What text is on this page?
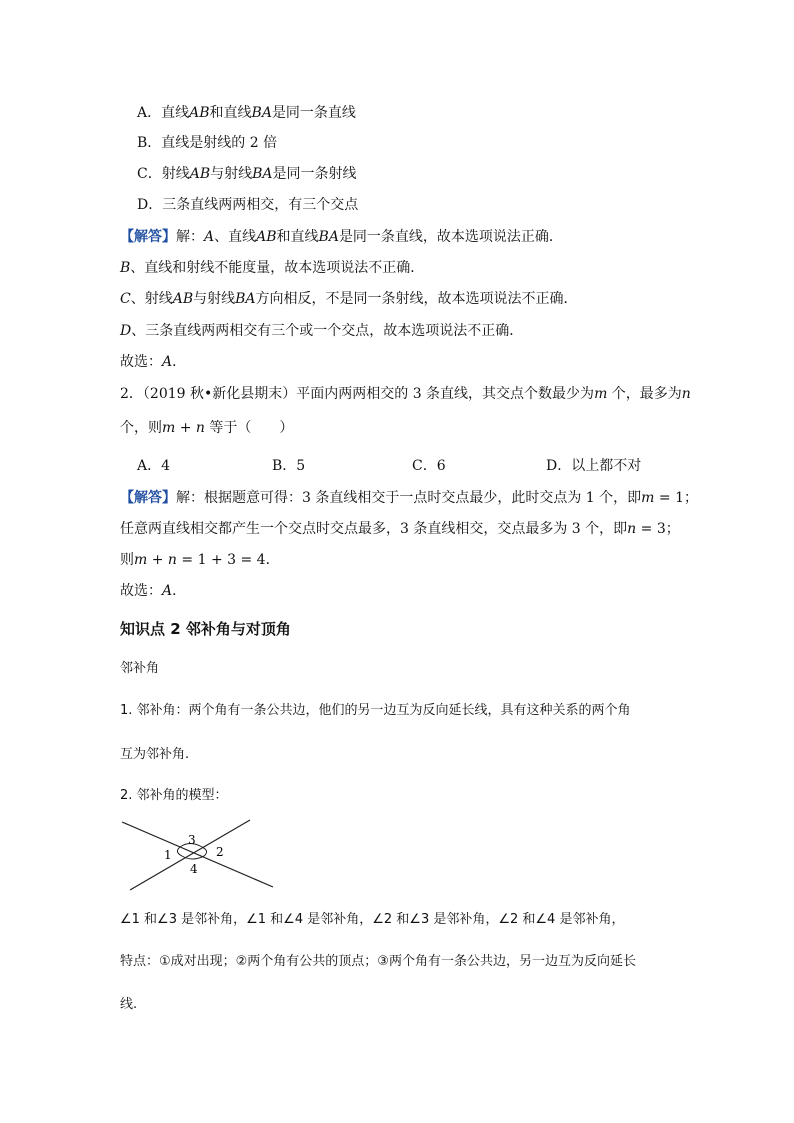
A．直线AB和直线BA是同一条直线
B．直线是射线的 2 倍
C．射线AB与射线BA是同一条射线
D．三条直线两两相交，有三个交点
【解答】解：A、直线AB和直线BA是同一条直线，故本选项说法正确．
B、直线和射线不能度量，故本选项说法不正确．
C、射线AB与射线BA方向相反，不是同一条射线，故本选项说法不正确．
D、三条直线两两相交有三个或一个交点，故本选项说法不正确．
故选：A．
2．（2019 秋•新化县期末）平面内两两相交的 3 条直线，其交点个数最少为m 个，最多为n
个，则m + n 等于（　　）
A．4	B．5	C．6	D．以上都不对
【解答】解：根据题意可得：3 条直线相交于一点时交点最少，此时交点为 1 个，即m = 1；
任意两直线相交都产生一个交点时交点最多，3 条直线相交，交点最多为 3 个，即n = 3；
则m + n = 1 + 3 = 4．
故选：A．
知识点 2 邻补角与对顶角
邻补角
1. 邻补角：两个角有一条公共边，他们的另一边互为反向延长线，具有这种关系的两个角
互为邻补角.
2. 邻补角的模型：
1	2
3
4
∠1 和∠3 是邻补角，∠1 和∠4 是邻补角，∠2 和∠3 是邻补角，∠2 和∠4 是邻补角，
特点：①成对出现；②两个角有公共的顶点；③两个角有一条公共边，另一边互为反向延长
线.
